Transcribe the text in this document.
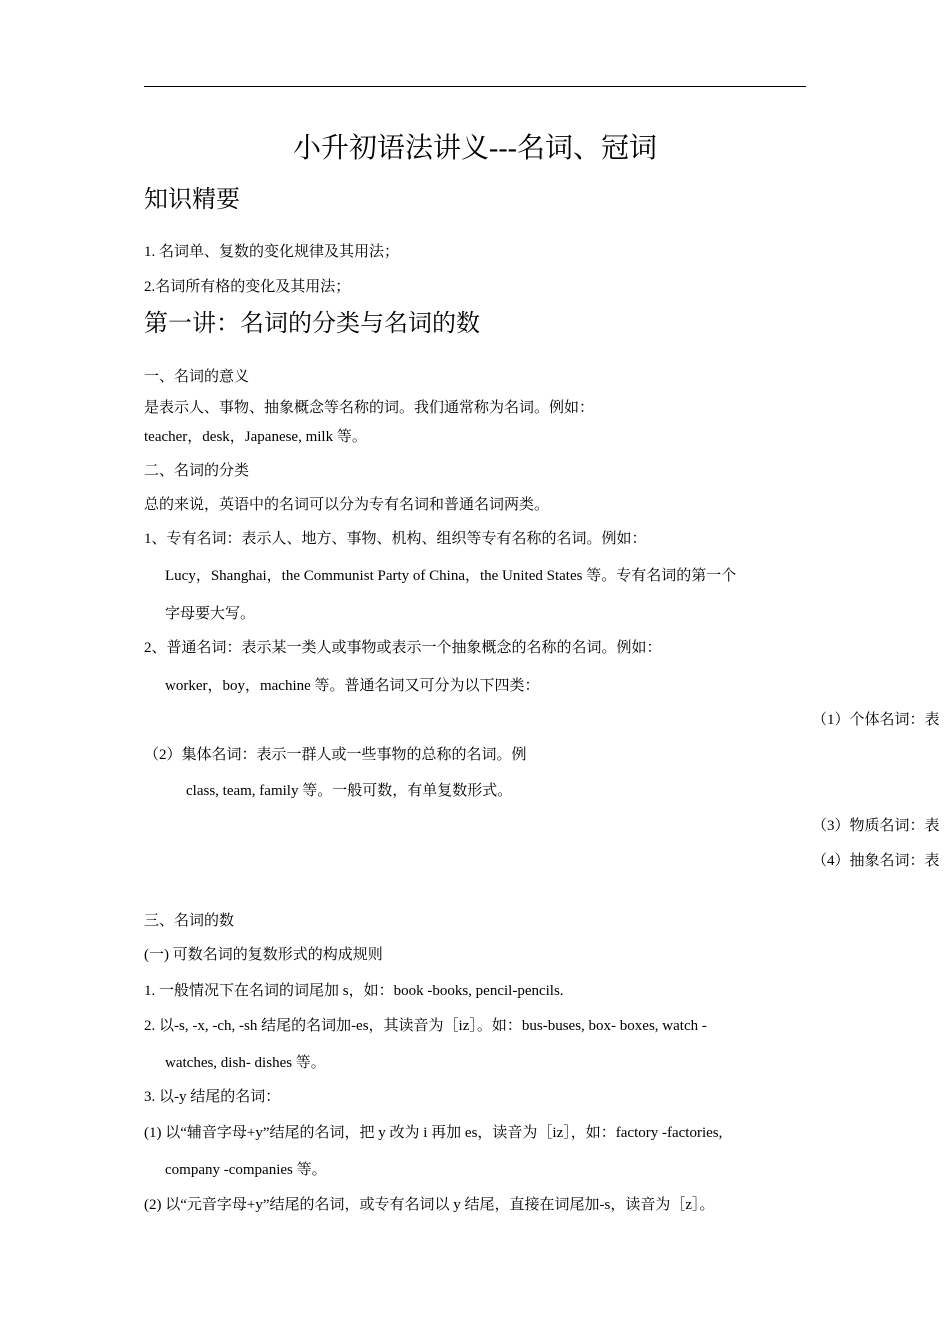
小升初语法讲义---名词、冠词
知识精要
1. 名词单、复数的变化规律及其用法；
2.名词所有格的变化及其用法；
第一讲：名词的分类与名词的数
一、名词的意义
是表示人、事物、抽象概念等名称的词。我们通常称为名词。例如：
teacher，desk，Japanese, milk 等。
二、名词的分类
总的来说，英语中的名词可以分为专有名词和普通名词两类。
1、专有名词：表示人、地方、事物、机构、组织等专有名称的名词。例如：
Lucy，Shanghai，the Communist Party of China，the United States 等。专有名词的第一个
字母要大写。
2、普通名词：表示某一类人或事物或表示一个抽象概念的名称的名词。例如：
worker，boy，machine 等。普通名词又可分为以下四类：
（1）个体名词：表
（2）集体名词：表示一群人或一些事物的总称的名词。例
class, team, family 等。一般可数，有单复数形式。
（3）物质名词：表
（4）抽象名词：表
三、名词的数
(一) 可数名词的复数形式的构成规则
1. 一般情况下在名词的词尾加 s，如：book -books, pencil-pencils.
2. 以-s, -x, -ch, -sh 结尾的名词加-es，其读音为［iz］。如：bus-buses, box- boxes, watch -
watches, dish- dishes 等。
3. 以-y 结尾的名词：
(1) 以“辅音字母+y”结尾的名词，把 y 改为 i 再加 es，读音为［iz］，如：factory -factories,
company -companies 等。
(2) 以“元音字母+y”结尾的名词，或专有名词以 y 结尾，直接在词尾加-s，读音为［z］。
